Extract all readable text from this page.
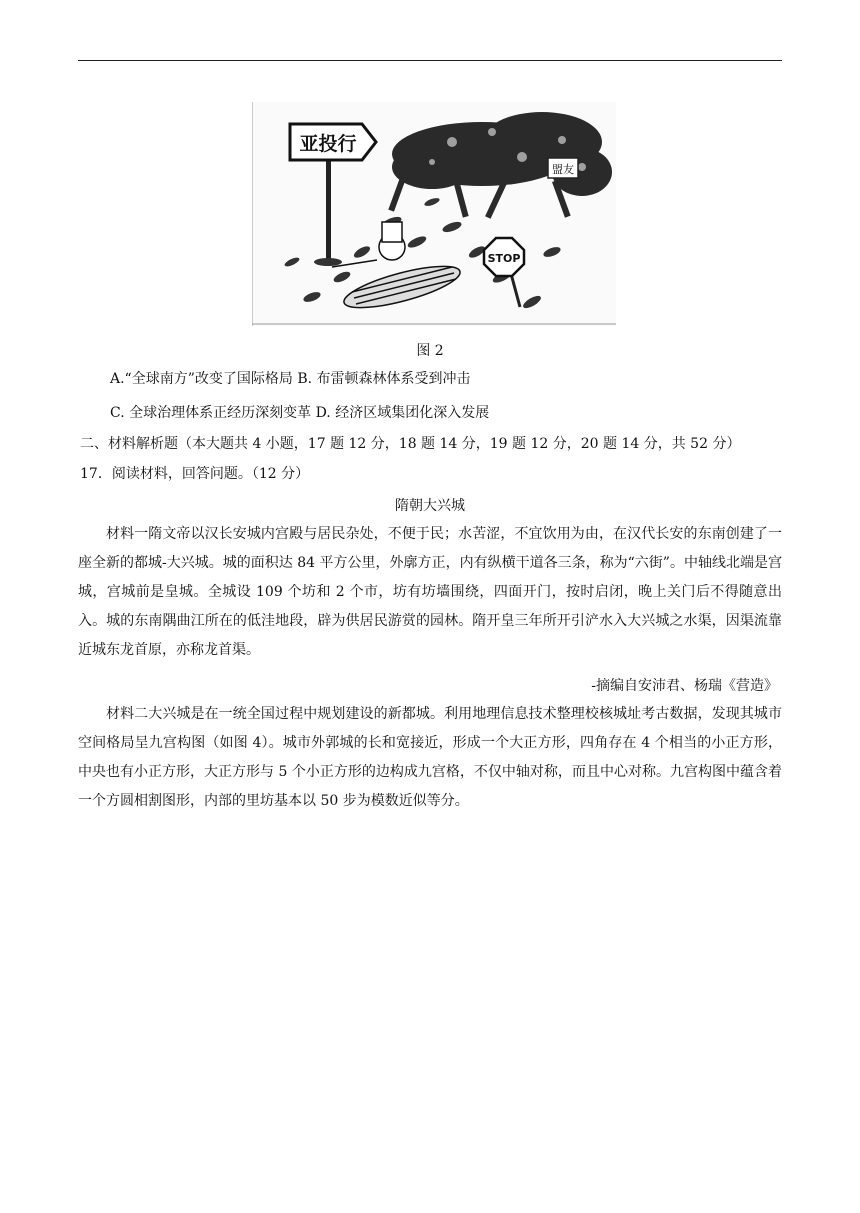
盟友
亚投行
STOP
图 2
A.“全球南方”改变了国际格局 B. 布雷顿森林体系受到冲击
C. 全球治理体系正经历深刻变革 D. 经济区域集团化深入发展
二、材料解析题（本大题共 4 小题，17 题 12 分，18 题 14 分，19 题 12 分，20 题 14 分，共 52 分）
17．阅读材料，回答问题。（12 分）
隋朝大兴城
材料一隋文帝以汉长安城内宫殿与居民杂处，不便于民；水苦涩，不宜饮用为由，在汉代长安的东南创建了一座全新的都城-大兴城。城的面积达 84 平方公里，外廓方正，内有纵横干道各三条，称为“六街”。中轴线北端是宫城，宫城前是皇城。全城设 109 个坊和 2 个市，坊有坊墙围绕，四面开门，按时启闭，晚上关门后不得随意出入。城的东南隅曲江所在的低洼地段，辟为供居民游赏的园林。隋开皇三年所开引浐水入大兴城之水渠，因渠流靠近城东龙首原，亦称龙首渠。
-摘编自安沛君、杨瑞《营造》
材料二大兴城是在一统全国过程中规划建设的新都城。利用地理信息技术整理校核城址考古数据，发现其城市空间格局呈九宫构图（如图 4）。城市外郭城的长和宽接近，形成一个大正方形，四角存在 4 个相当的小正方形，中央也有小正方形，大正方形与 5 个小正方形的边构成九宫格，不仅中轴对称，而且中心对称。九宫构图中蕴含着一个方圆相割图形，内部的里坊基本以 50 步为模数近似等分。
